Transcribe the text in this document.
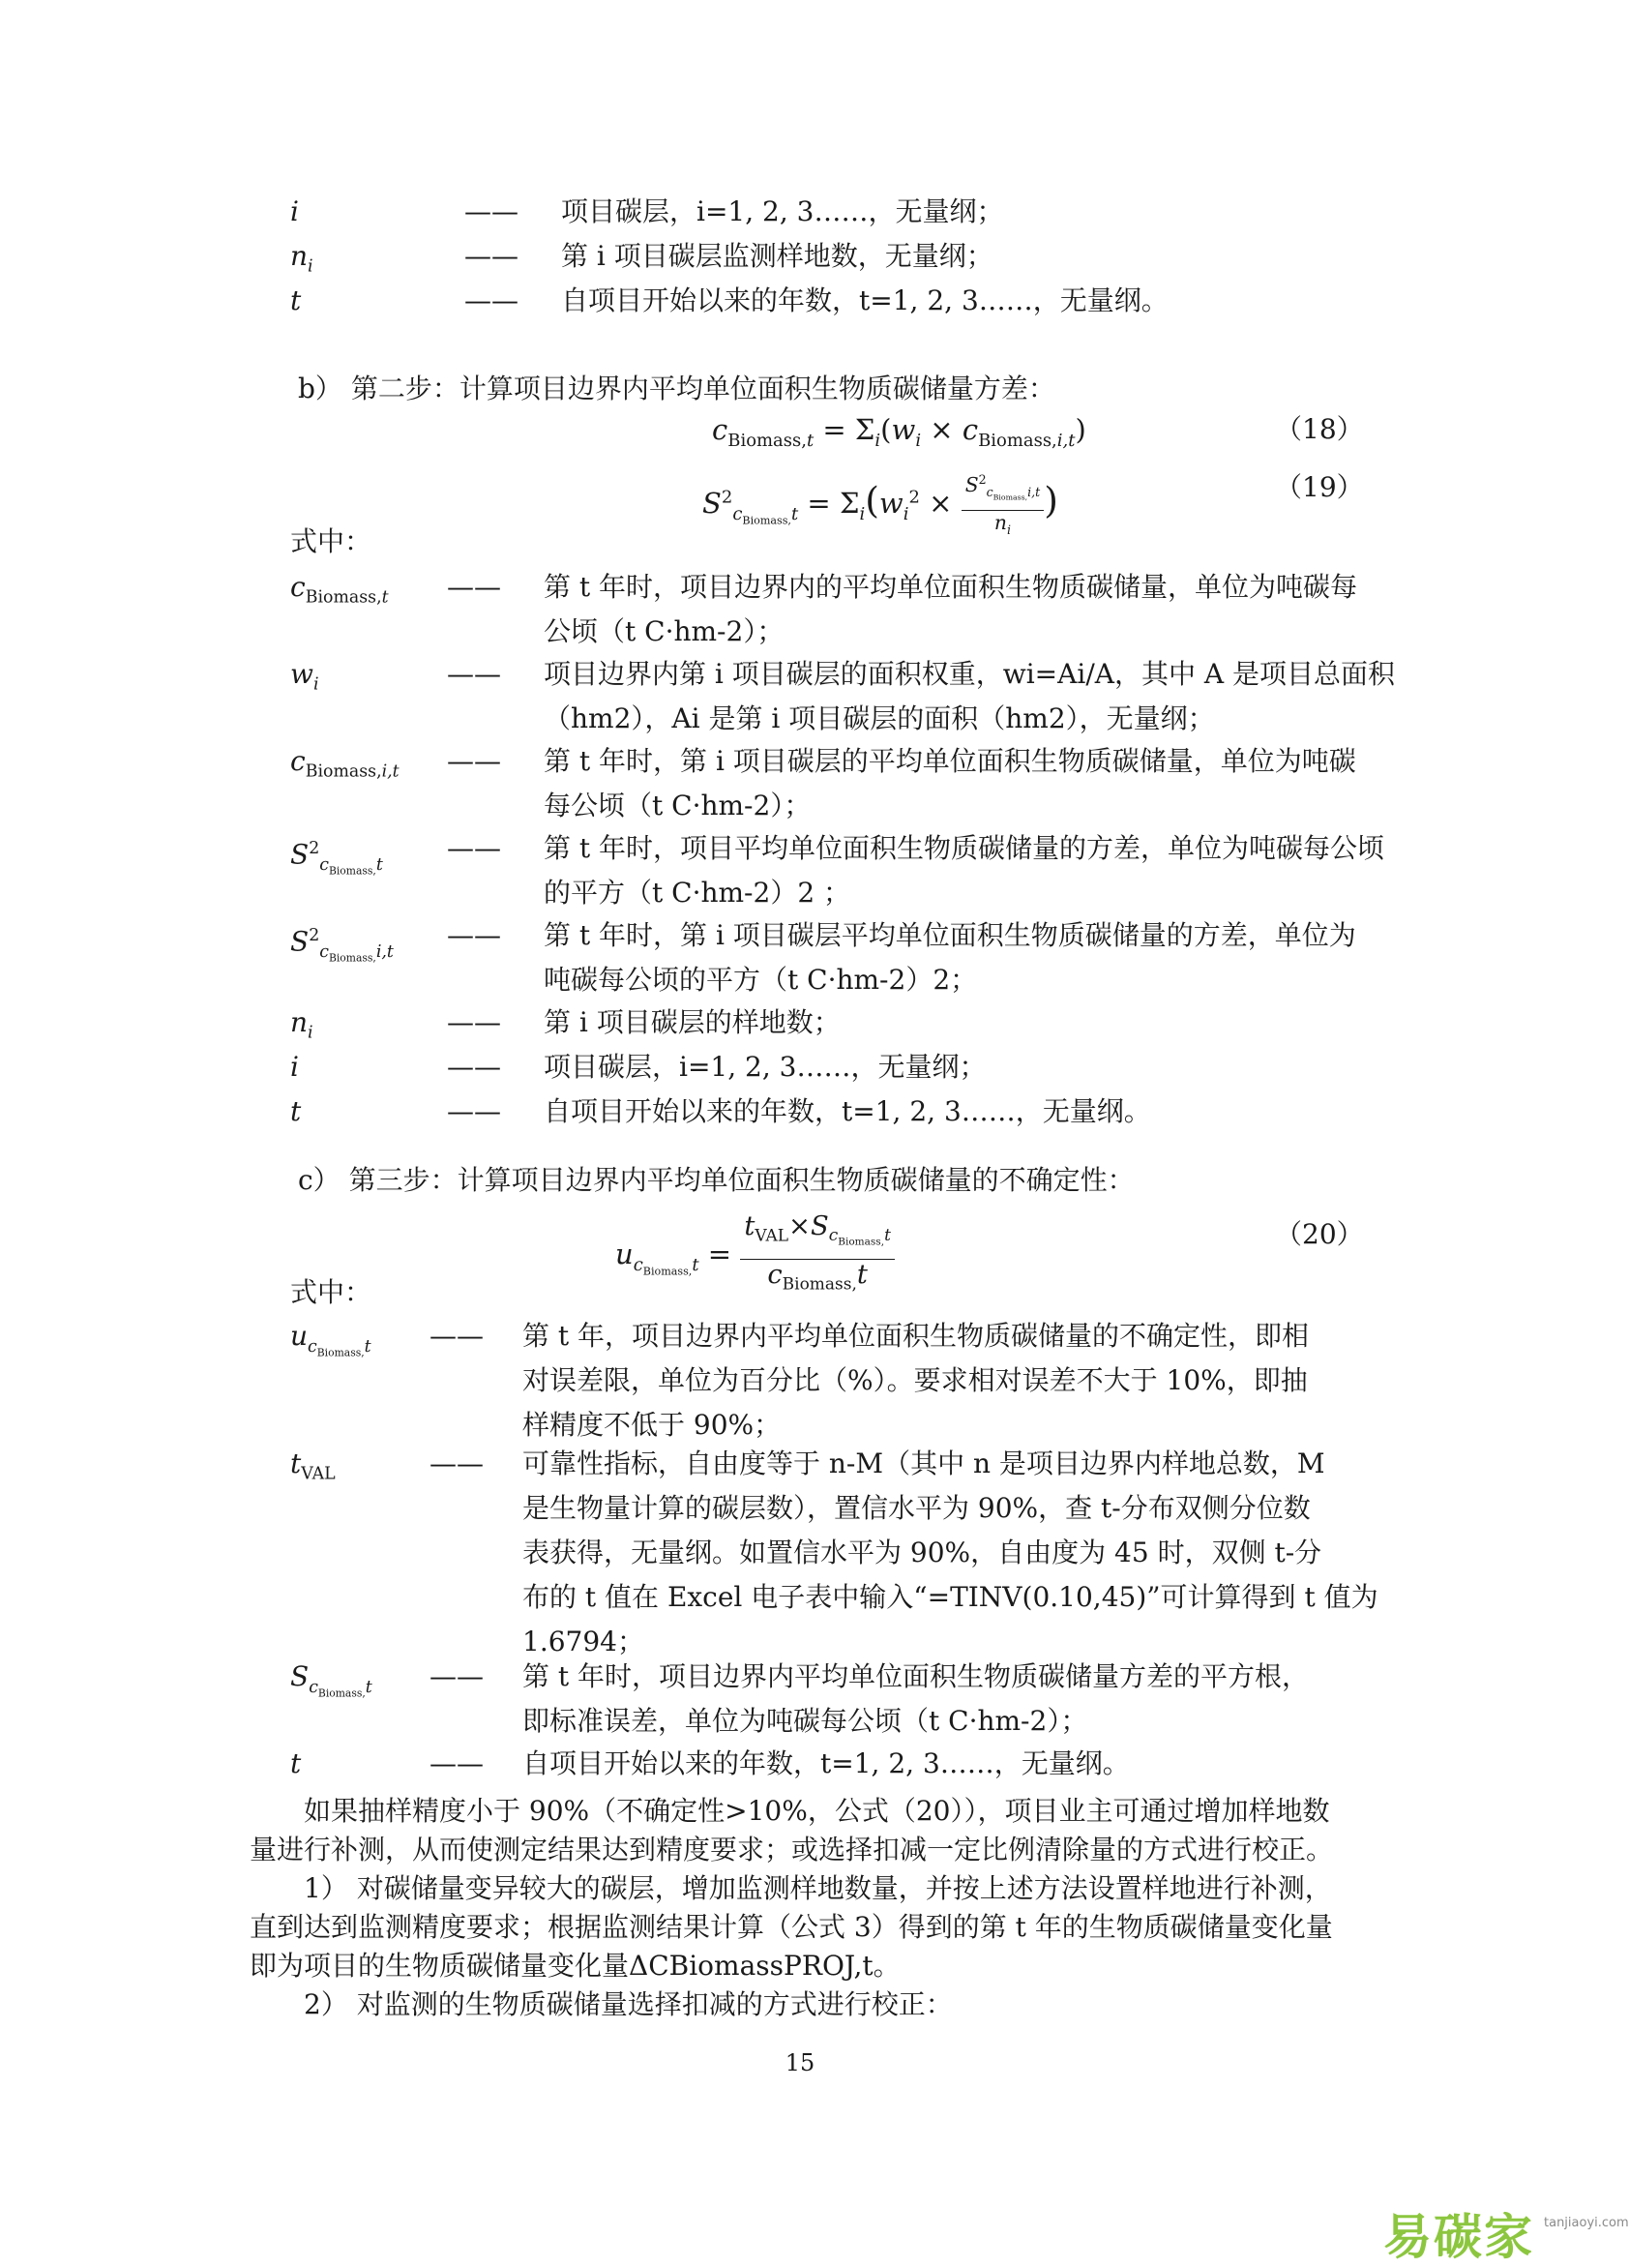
i	—— 项目碳层，i=1, 2, 3……，无量纲；

$n_i$	—— 第 i 项目碳层监测样地数，无量纲；

t	—— 自项目开始以来的年数，t=1, 2, 3……，无量纲。

b） 第二步：计算项目边界内平均单位面积生物质碳储量方差：
$c_{Biomass,t} = \Sigma_i(w_i \times c_{Biomass,i,t})$	（18）
$S^2_{c_{Biomass,}t} = \Sigma_i(w_i^2 \times \frac{S^2_{c_{Biomass,}i,t}}{n_i}$ )	（19）
式中：
$c_{Biomass,t}$ —— 第 t 年时，项目边界内的平均单位面积生物质碳储量，单位为吨碳每

公顷（t C·hm-2）；

$w_i$	—— 项目边界内第 i 项目碳层的面积权重，wi=Ai/A，其中 A 是项目总面积

（hm2），Ai 是第 i 项目碳层的面积（hm2），无量纲；

$c_{Biomass,i,t}$ —— 第 t 年时，第 i 项目碳层的平均单位面积生物质碳储量，单位为吨碳

每公顷（t C·hm-2）；

$S^2_{c_{Biomass,}t}$
—— 第 t 年时，项目平均单位面积生物质碳储量的方差，单位为吨碳每公顷

的平方（t C·hm-2）2 ；

$S^2_{c_{Biomass,}i,t}$
—— 第 t 年时，第 i 项目碳层平均单位面积生物质碳储量的方差，单位为

吨碳每公顷的平方（t C·hm-2）2；

$n_i$	—— 第 i 项目碳层的样地数；

i	—— 项目碳层，i=1, 2, 3……，无量纲；

t	—— 自项目开始以来的年数，t=1, 2, 3……，无量纲。

c） 第三步：计算项目边界内平均单位面积生物质碳储量的不确定性：
$u_{c_{Biomass,}t} = \frac{t_{VAL}\times S_{c_{Biomass,}t}}{c_{Biomass,}t}$	（20）
式中：
$u_{c_{Biomass,}t}$ —— 第 t 年，项目边界内平均单位面积生物质碳储量的不确定性，即相

对误差限，单位为百分比（%）。要求相对误差不大于 10%，即抽

样精度不低于 90%；

$t_{VAL}$	—— 可靠性指标，自由度等于 n-M（其中 n 是项目边界内样地总数，M

是生物量计算的碳层数），置信水平为 90%，查 t-分布双侧分位数

表获得，无量纲。如置信水平为 90%，自由度为 45 时，双侧 t-分

布的 t 值在 Excel 电子表中输入“=TINV(0.10,45)”可计算得到 t 值为

1.6794；

$S_{c_{Biomass,}t}$ —— 第 t 年时，项目边界内平均单位面积生物质碳储量方差的平方根，

即标准误差，单位为吨碳每公顷（t C·hm-2）；

t	—— 自项目开始以来的年数，t=1, 2, 3……，无量纲。

　　如果抽样精度小于 90%（不确定性>10%，公式（20）），项目业主可通过增加样地数

量进行补测，从而使测定结果达到精度要求；或选择扣减一定比例清除量的方式进行校正。

　　1） 对碳储量变异较大的碳层，增加监测样地数量，并按上述方法设置样地进行补测，

直到达到监测精度要求；根据监测结果计算（公式 3）得到的第 t 年的生物质碳储量变化量

即为项目的生物质碳储量变化量ΔCBiomassPROJ,t。

　　2） 对监测的生物质碳储量选择扣减的方式进行校正：

15
易碳家 tanjiaoyi.com
